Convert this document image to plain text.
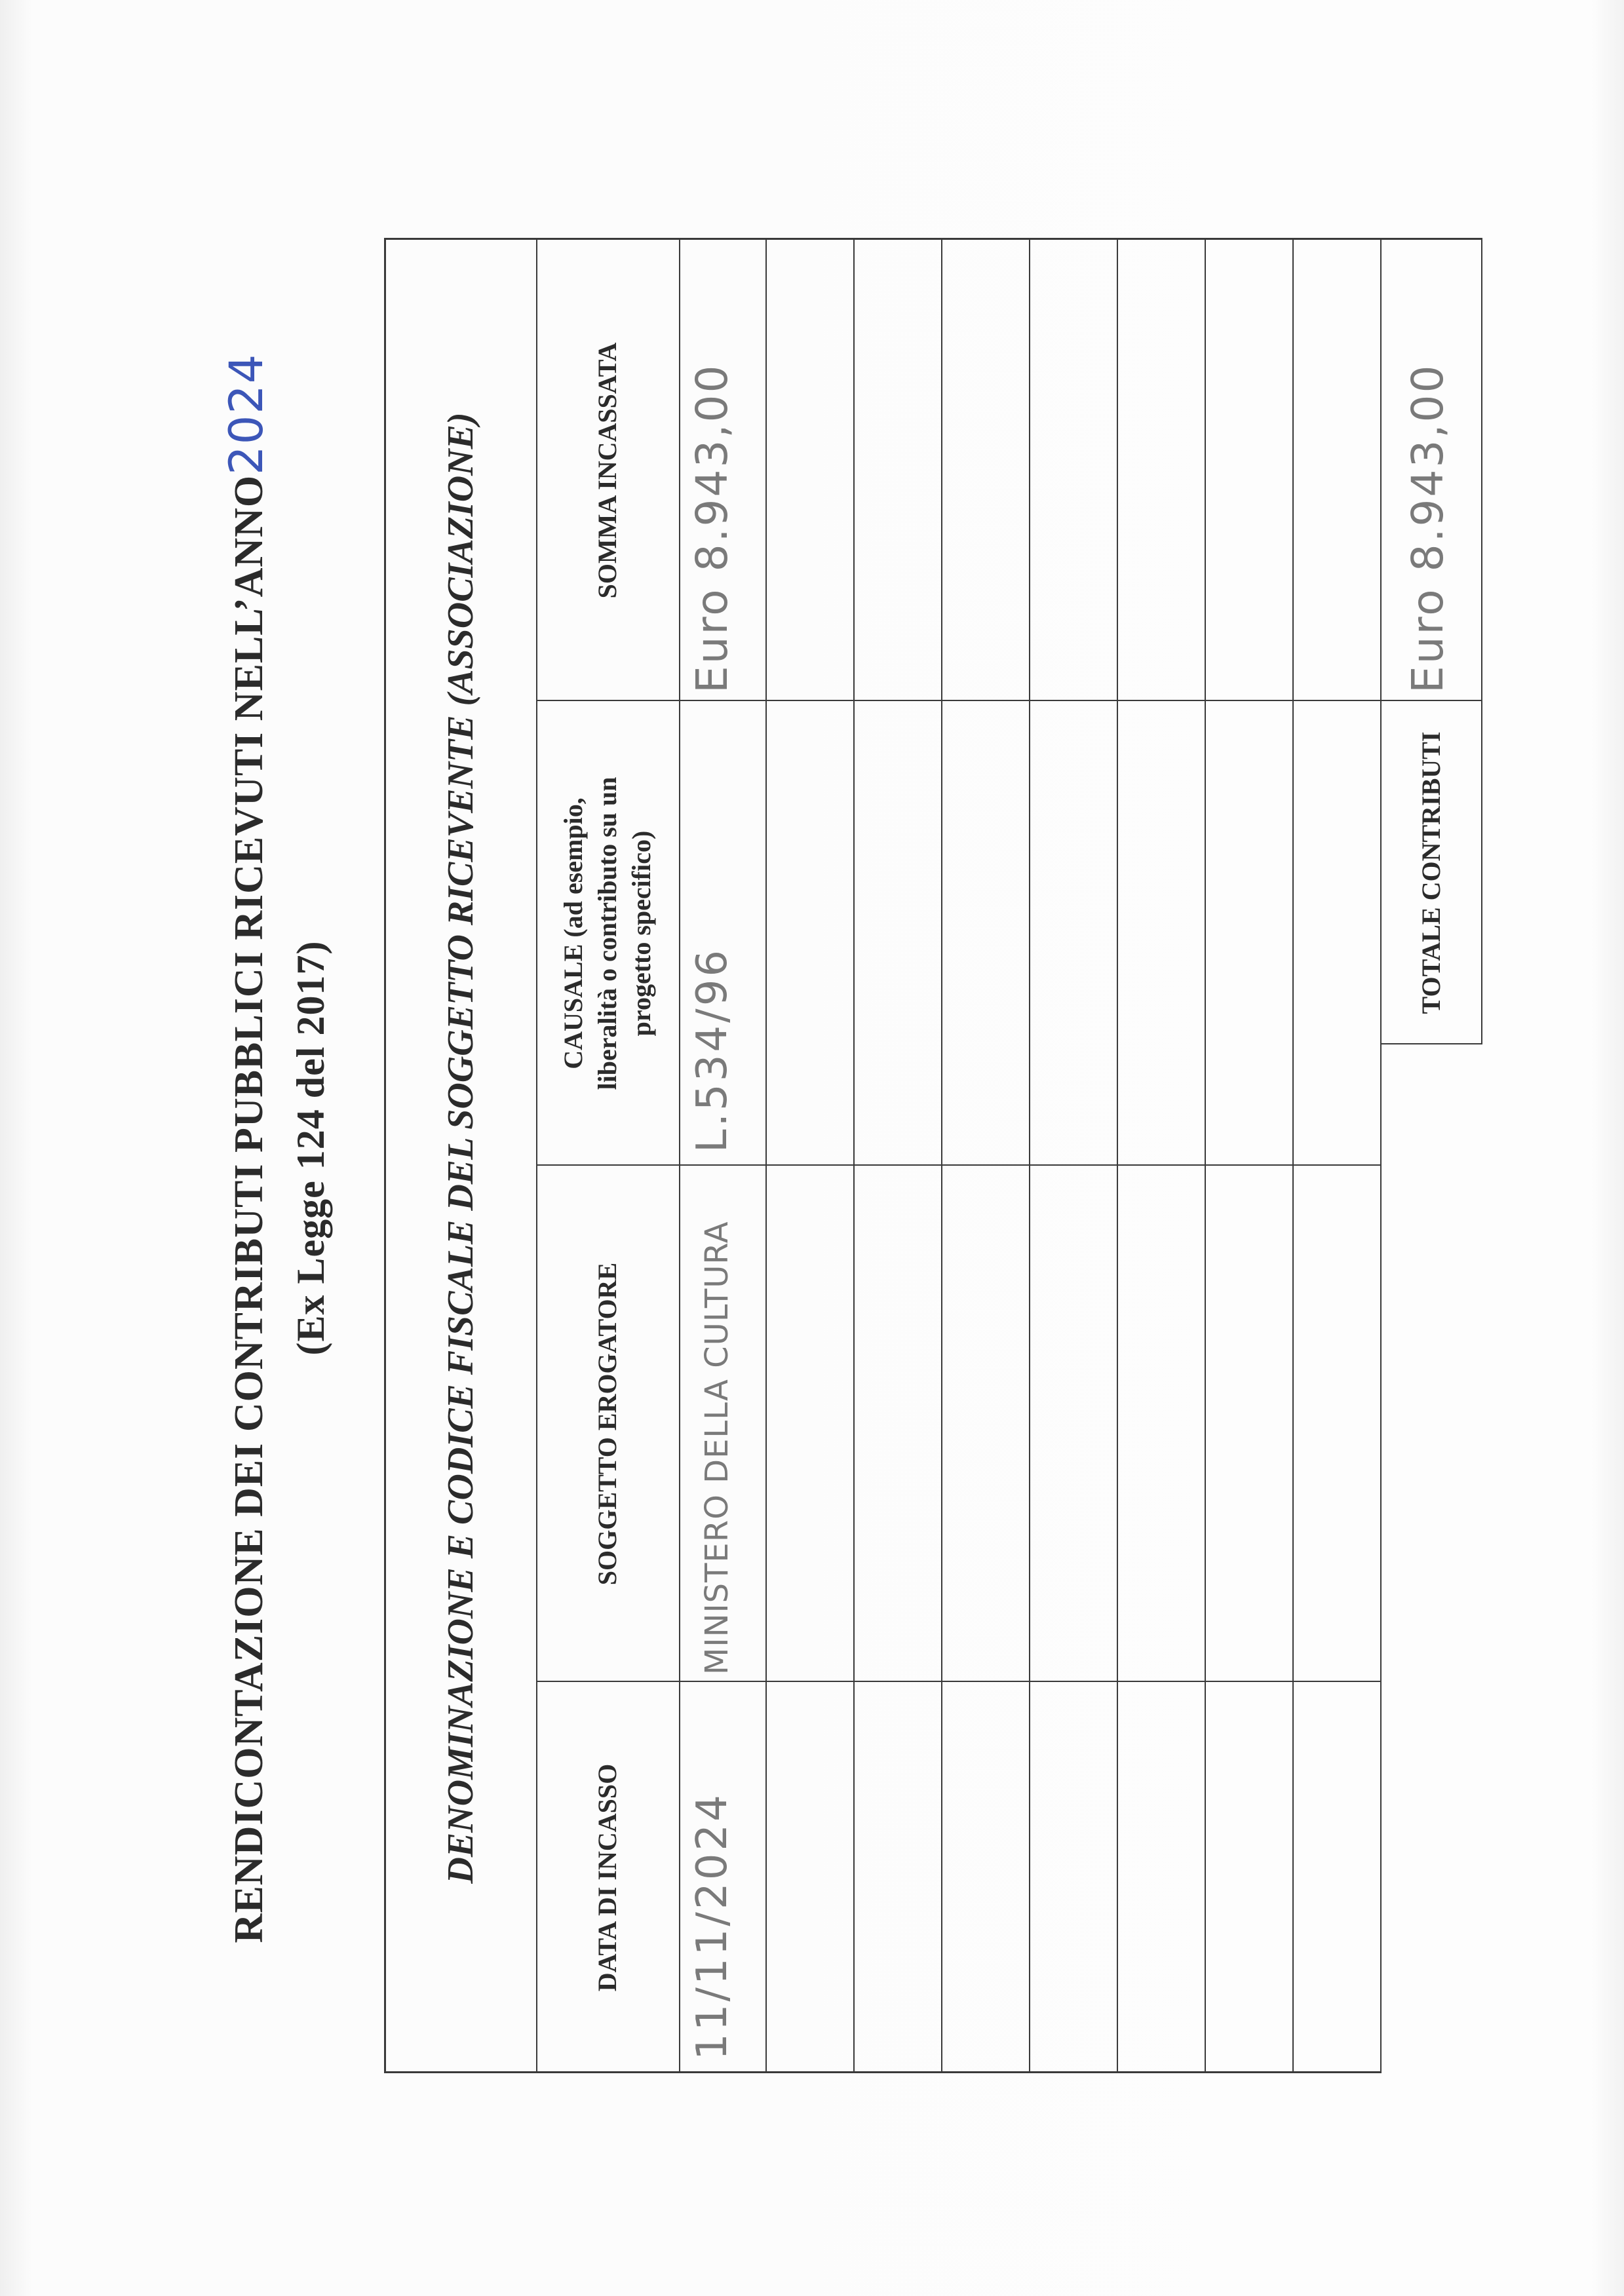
RENDICONTAZIONE DEI CONTRIBUTI PUBBLICI RICEVUTI NELL’ANNO2024
(Ex Legge 124 del 2017)	DENOMINAZIONE E CODICE FISCALE DEL SOGGETTO RICEVENTE (ASSOCIAZIONE)	DATA DI INCASSO
SOGGETTO EROGATORE
CAUSALE (ad esempio, liberalità o contributo su un progetto specifico)
SOMMA INCASSATA
11/11/2024
MINISTERO DELLA CULTURA
L.534/96
Euro 8.943,00
TOTALE CONTRIBUTI
Euro 8.943,00
